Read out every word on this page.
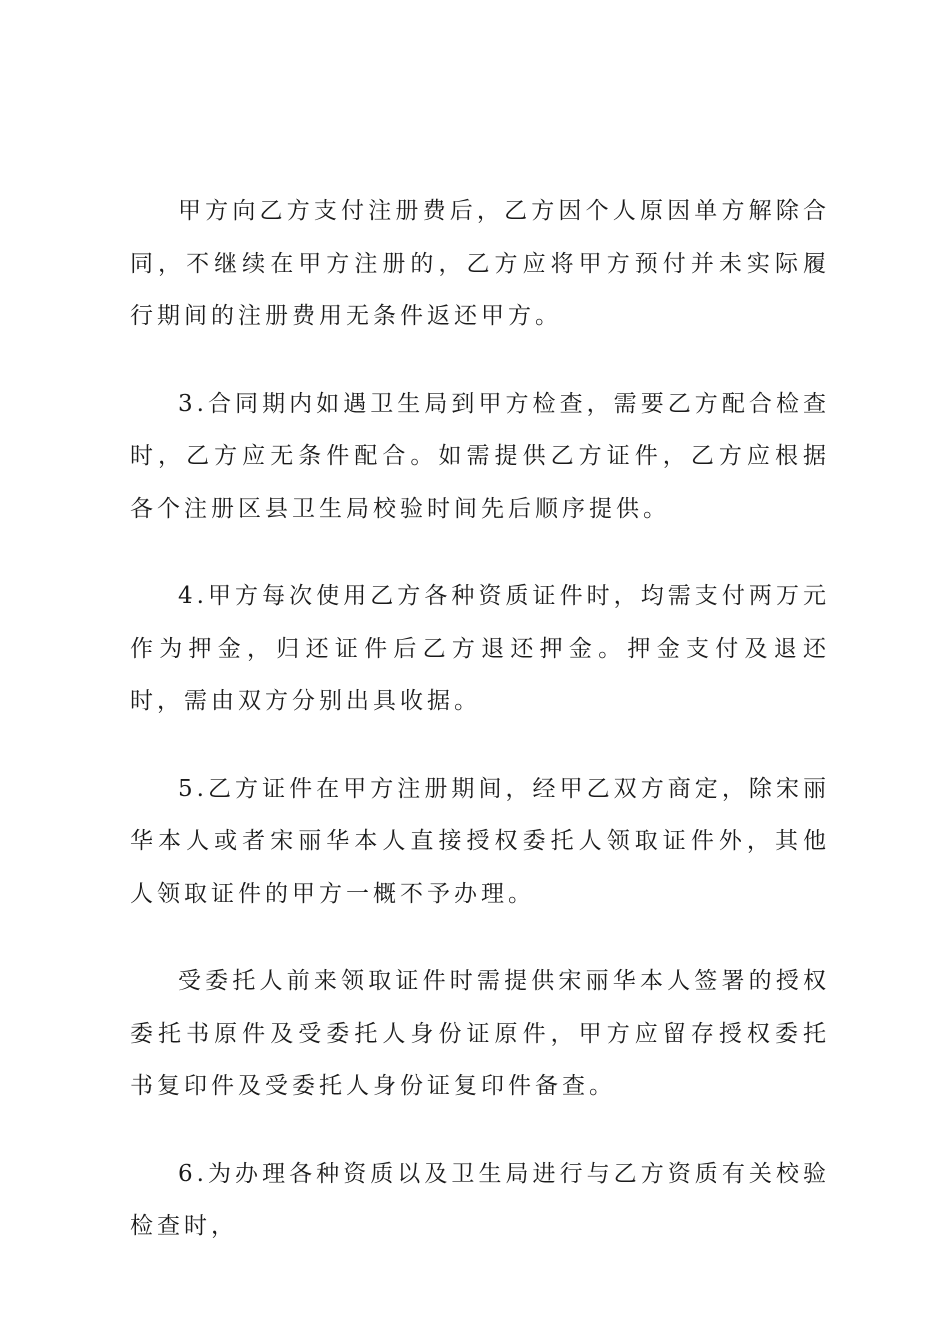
甲方向乙方支付注册费后，乙方因个人原因单方解除合同，不继续在甲方注册的，乙方应将甲方预付并未实际履行期间的注册费用无条件返还甲方。

3.合同期内如遇卫生局到甲方检查，需要乙方配合检查时，乙方应无条件配合。如需提供乙方证件，乙方应根据各个注册区县卫生局校验时间先后顺序提供。

4.甲方每次使用乙方各种资质证件时，均需支付两万元作为押金，归还证件后乙方退还押金。押金支付及退还时，需由双方分别出具收据。

5.乙方证件在甲方注册期间，经甲乙双方商定，除宋丽华本人或者宋丽华本人直接授权委托人领取证件外，其他人领取证件的甲方一概不予办理。

受委托人前来领取证件时需提供宋丽华本人签署的授权委托书原件及受委托人身份证原件，甲方应留存授权委托书复印件及受委托人身份证复印件备查。

6.为办理各种资质以及卫生局进行与乙方资质有关校验检查时，
